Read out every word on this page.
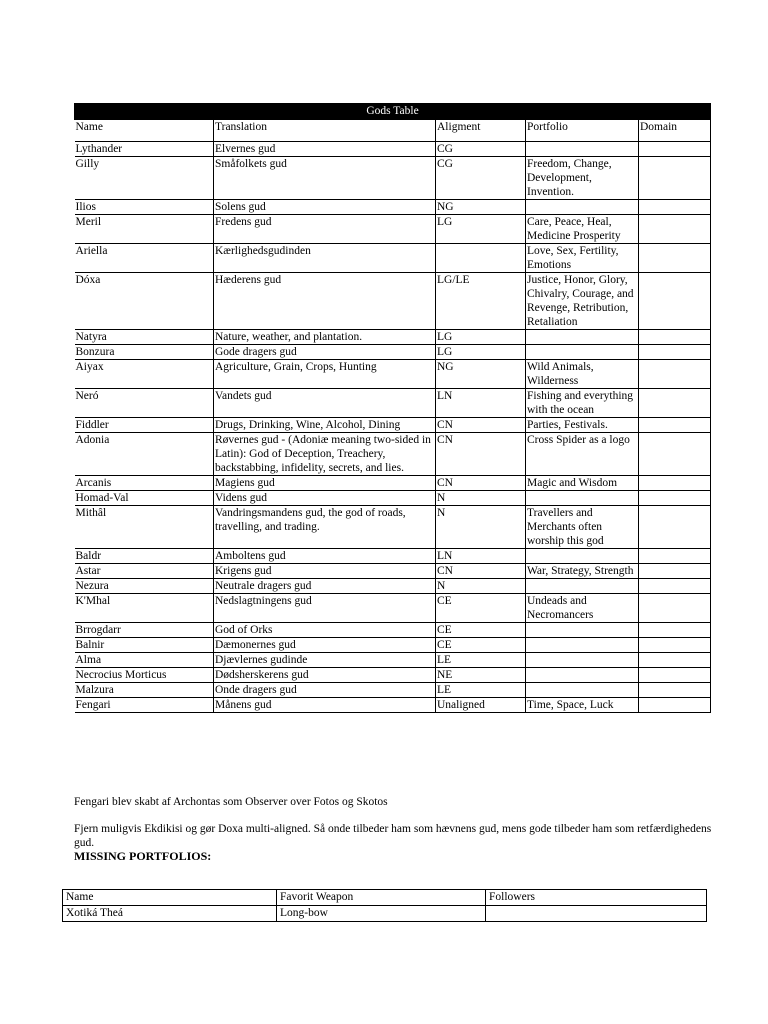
Gods Table				
Name	Translation	Aligment	Portfolio	Domain
Lythander	Elvernes gud	CG		
Gilly	Småfolkets gud	CG	Freedom, Change, Development, Invention.	
Ilios	Solens gud	NG		
Meril	Fredens gud	LG	Care, Peace, Heal, Medicine Prosperity	
Ariella	Kærlighedsgudinden		Love, Sex, Fertility, Emotions	
Dóxa	Hæderens gud	LG/LE	Justice, Honor, Glory, Chivalry, Courage, and Revenge, Retribution, Retaliation	
Natyra	Nature, weather, and plantation.	LG		
Bonzura	Gode dragers gud	LG		
Aiyax	Agriculture, Grain, Crops, Hunting	NG	Wild Animals, Wilderness	
Neró	Vandets gud	LN	Fishing and everything with the ocean	
Fiddler	Drugs, Drinking, Wine, Alcohol, Dining	CN	Parties, Festivals.	
Adonia	Røvernes gud - (Adoniæ meaning two-sided in Latin): God of Deception, Treachery, backstabbing, infidelity, secrets, and lies.	CN	Cross Spider as a logo	
Arcanis	Magiens gud	CN	Magic and Wisdom	
Homad-Val	Videns gud	N		
Mithâl	Vandringsmandens gud, the god of roads, travelling, and trading.	N	Travellers and Merchants often worship this god	
Baldr	Amboltens gud	LN		
Astar	Krigens gud	CN	War, Strategy, Strength	
Nezura	Neutrale dragers gud	N		
K'Mhal	Nedslagtningens gud	CE	Undeads and Necromancers	
Brrogdarr	God of Orks	CE		
Balnir	Dæmonernes gud	CE		
Alma	Djævlernes gudinde	LE		
Necrocius Morticus	Dødsherskerens gud	NE		
Malzura	Onde dragers gud	LE		
Fengari	Månens gud	Unaligned	Time, Space, Luck	

Fengari blev skabt af Archontas som Observer over Fotos og Skotos

Fjern muligvis Ekdikisi og gør Doxa multi-aligned. Så onde tilbeder ham som hævnens gud, mens gode tilbeder ham som retfærdighedens gud.

MISSING PORTFOLIOS:

Name	Favorit Weapon	Followers
Xotiká Theá	Long-bow	
